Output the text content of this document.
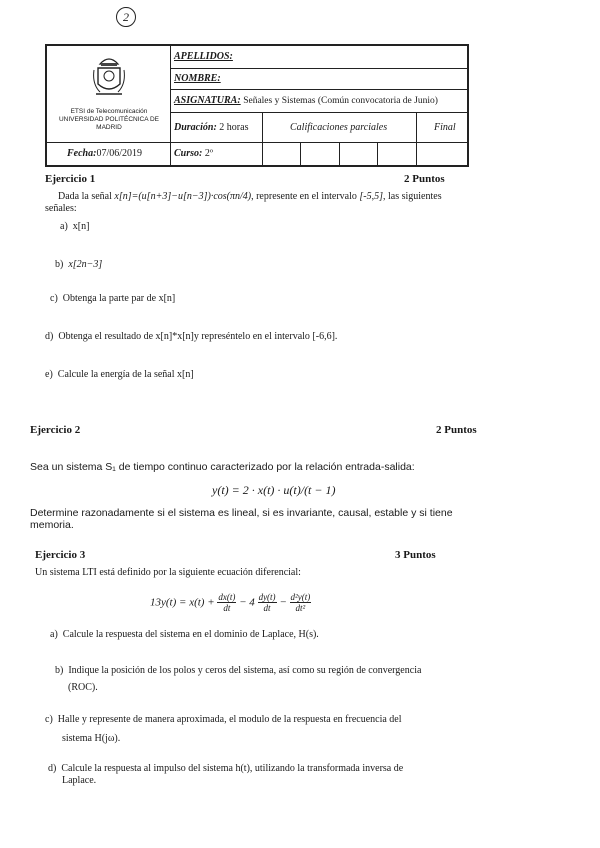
2
ETSI de Telecomunicación
UNIVERSIDAD POLITÉCNICA DE
MADRID
APELLIDOS:
NOMBRE:
ASIGNATURA: Señales y Sistemas (Común convocatoria de Junio)
Duración: 2 horas	Calificaciones parciales	Final
Fecha:07/06/2019	Curso: 2º
Ejercicio 1	2 Puntos
Dada la señal x[n]=(u[n+3]−u[n−3])·cos(πn/4), represente en el intervalo [-5,5], las siguientes
señales:
a) x[n]
b) x[2n−3]
c) Obtenga la parte par de x[n]
d) Obtenga el resultado de x[n]*x[n]y represéntelo en el intervalo [-6,6].
e) Calcule la energía de la señal x[n]
Ejercicio 2	2 Puntos
Sea un sistema S₁ de tiempo continuo caracterizado por la relación entrada-salida:
y(t) = 2 · x(t) · u(t)/(t − 1)
Determine razonadamente si el sistema es lineal, si es invariante, causal, estable y si tiene
memoria.
Ejercicio 3	3 Puntos
Un sistema LTI está definido por la siguiente ecuación diferencial:
$13y(t) = x(t) + \frac{dx(t)}{dt} - 4 \frac{dy(t)}{dt} - \frac{\text{d²y(t)}}{\text{dt²}}$
a) Calcule la respuesta del sistema en el dominio de Laplace, H(s).
b) Indique la posición de los polos y ceros del sistema, así como su región de convergencia
(ROC).
c) Halle y represente de manera aproximada, el modulo de la respuesta en frecuencia del
sistema H(jω).
d) Calcule la respuesta al impulso del sistema h(t), utilizando la transformada inversa de
Laplace.
